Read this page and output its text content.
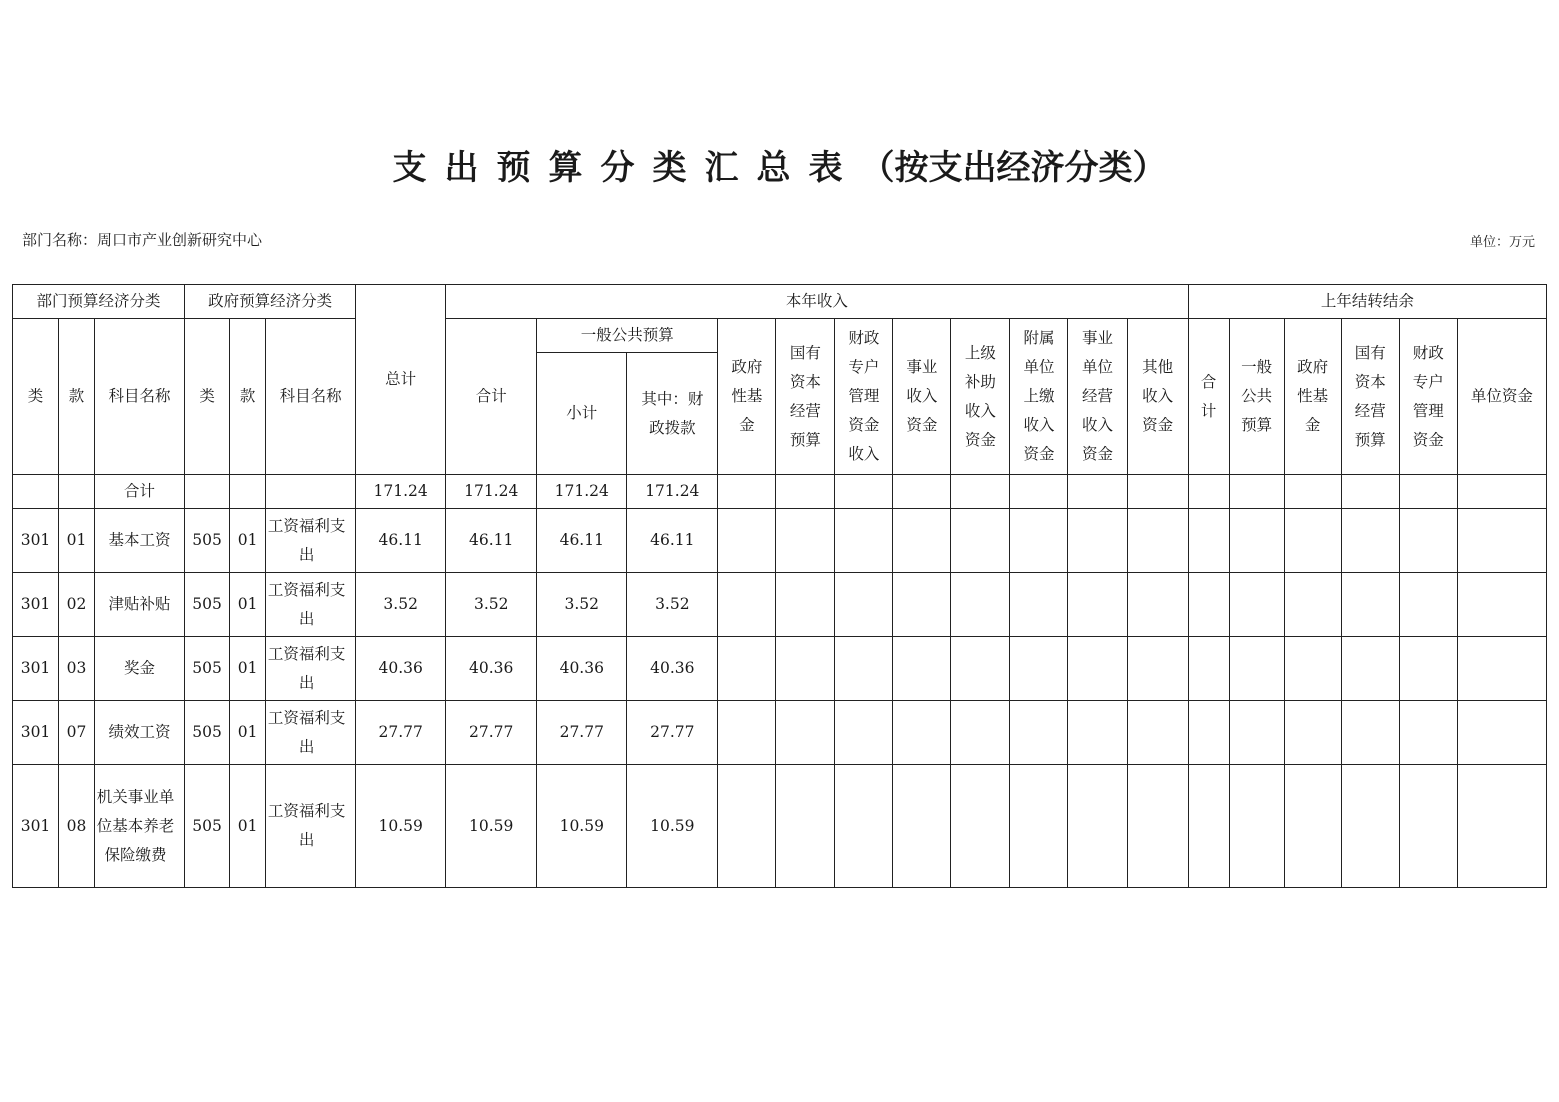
支出预算分类汇总表（按支出经济分类）
部门名称：周口市产业创新研究中心	单位：万元
部门预算经济分类			政府预算经济分类			总计	本年收入											上年结转结余					
类	款	科目名称	类	款	科目名称		合计	一般公共预算		政府性基金	国有资本经营预算	财政专户管理资金收入	事业收入资金	上级补助收入资金	附属单位上缴收入资金	事业单位经营收入资金	其他收入资金	合计	一般公共预算	政府性基金	国有资本经营预算	财政专户管理资金	单位资金
								小计	其中：财政拨款														
		合计				171.24	171.24	171.24	171.24														
301	01	基本工资	505	01	工资福利支出	46.11	46.11	46.11	46.11														
301	02	津贴补贴	505	01	工资福利支出	3.52	3.52	3.52	3.52														
301	03	奖金	505	01	工资福利支出	40.36	40.36	40.36	40.36														
301	07	绩效工资	505	01	工资福利支出	27.77	27.77	27.77	27.77														
301	08	机关事业单位基本养老保险缴费	505	01	工资福利支出	10.59	10.59	10.59	10.59														
